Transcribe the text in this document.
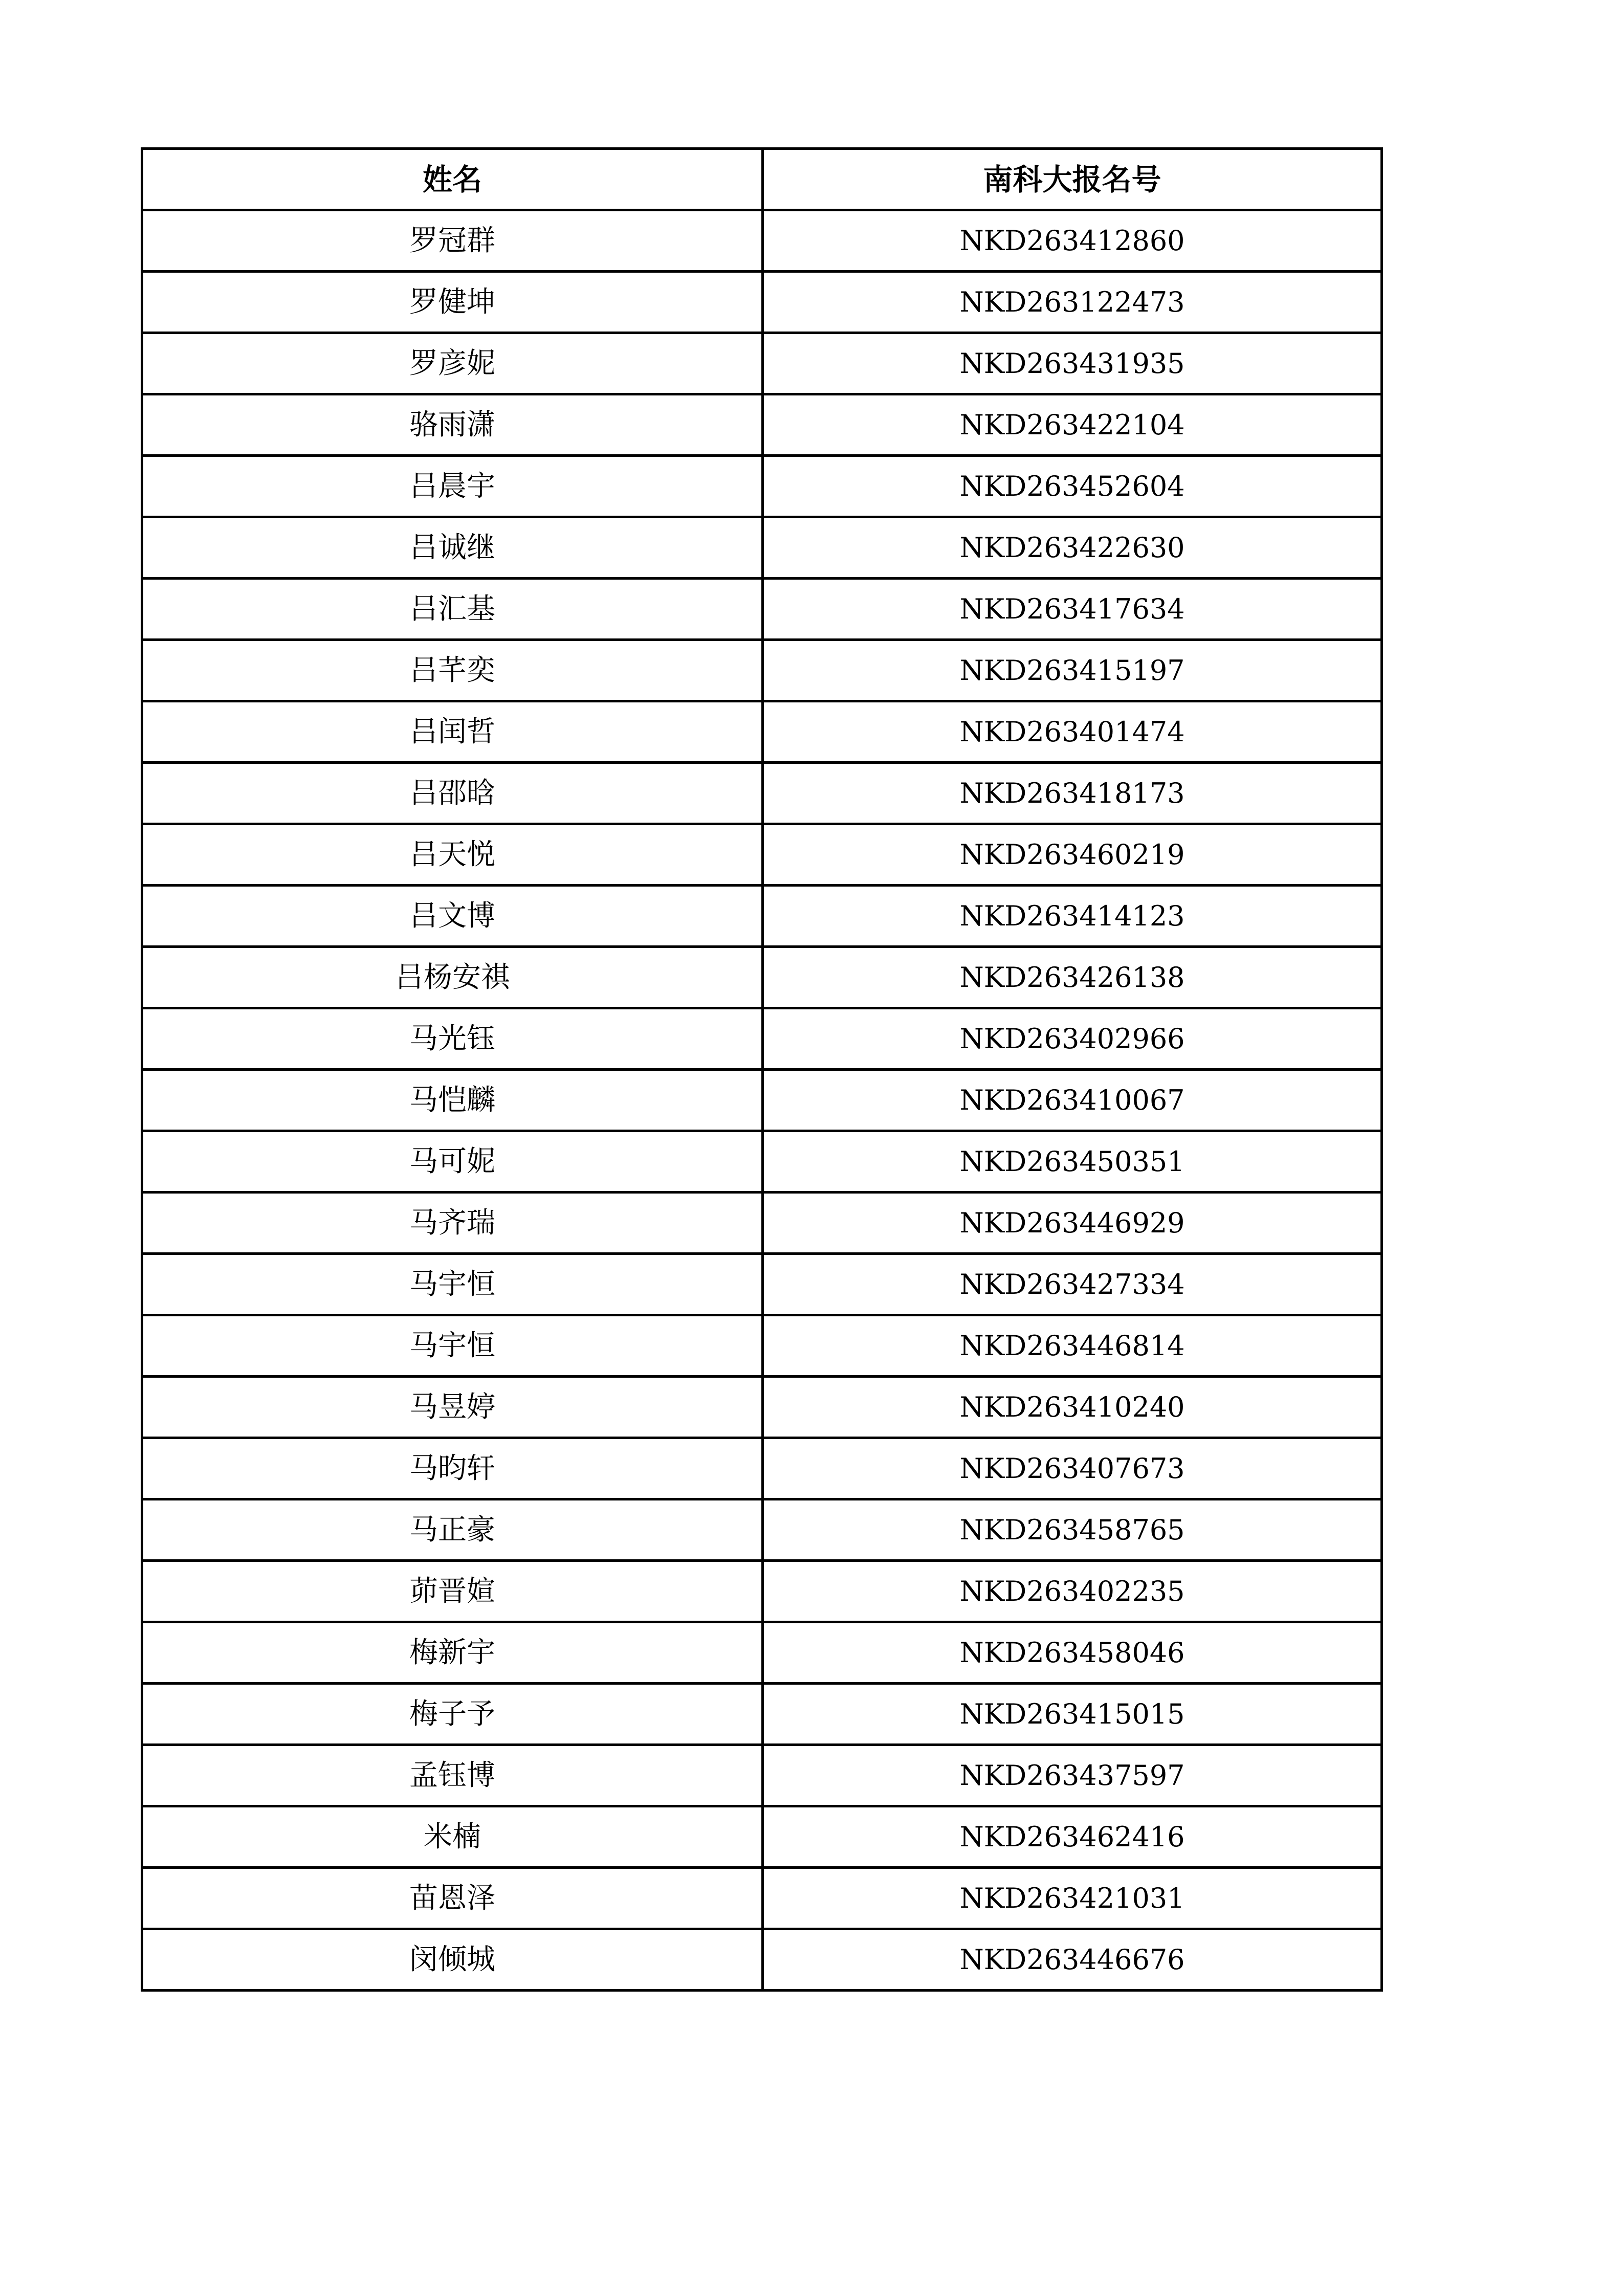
姓名	南科大报名号
罗冠群	NKD263412860
罗健坤	NKD263122473
罗彦妮	NKD263431935
骆雨潇	NKD263422104
吕晨宇	NKD263452604
吕诚继	NKD263422630
吕汇基	NKD263417634
吕芊奕	NKD263415197
吕闰哲	NKD263401474
吕邵晗	NKD263418173
吕天悦	NKD263460219
吕文博	NKD263414123
吕杨安祺	NKD263426138
马光钰	NKD263402966
马恺麟	NKD263410067
马可妮	NKD263450351
马齐瑞	NKD263446929
马宇恒	NKD263427334
马宇恒	NKD263446814
马昱婷	NKD263410240
马昀轩	NKD263407673
马正豪	NKD263458765
茆晋媗	NKD263402235
梅新宇	NKD263458046
梅子予	NKD263415015
孟钰博	NKD263437597
米楠	NKD263462416
苗恩泽	NKD263421031
闵倾城	NKD263446676
